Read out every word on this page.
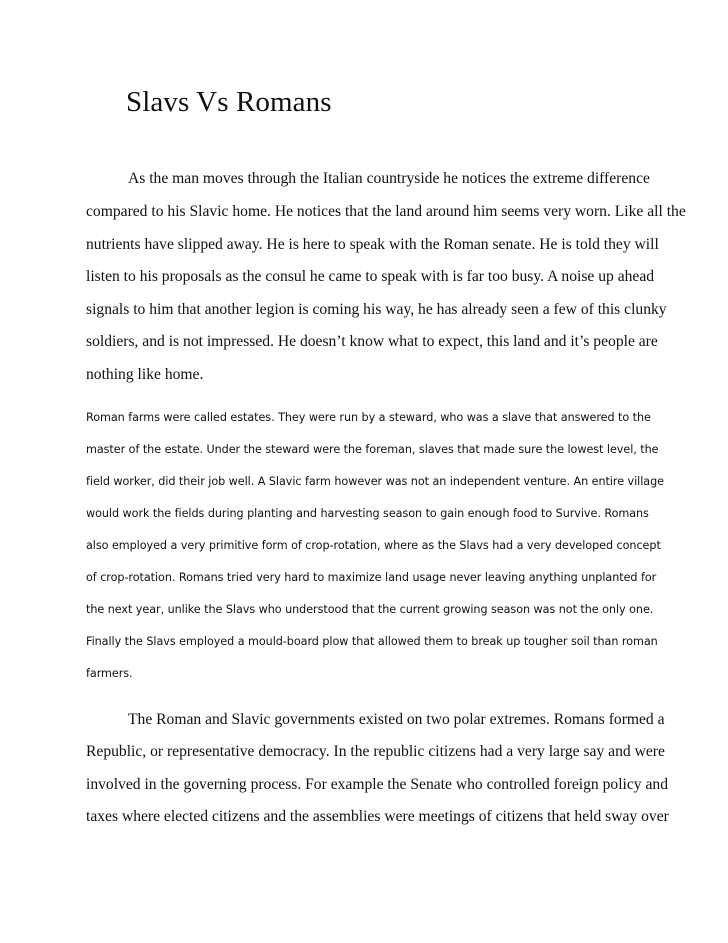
Slavs Vs Romans

As the man moves through the Italian countryside he notices the extreme difference

compared to his Slavic home. He notices that the land around him seems very worn. Like all the

nutrients have slipped away. He is here to speak with the Roman senate. He is told they will

listen to his proposals as the consul he came to speak with is far too busy. A noise up ahead

signals to him that another legion is coming his way, he has already seen a few of this clunky

soldiers, and is not impressed. He doesn’t know what to expect, this land and it’s people are

nothing like home.

Roman farms were called estates. They were run by a steward, who was a slave that answered to the

master of the estate. Under the steward were the foreman, slaves that made sure the lowest level, the

field worker, did their job well. A Slavic farm however was not an independent venture. An entire village

would work the fields during planting and harvesting season to gain enough food to Survive. Romans

also employed a very primitive form of crop-rotation, where as the Slavs had a very developed concept

of crop-rotation. Romans tried very hard to maximize land usage never leaving anything unplanted for

the next year, unlike the Slavs who understood that the current growing season was not the only one.

Finally the Slavs employed a mould-board plow that allowed them to break up tougher soil than roman

farmers.

The Roman and Slavic governments existed on two polar extremes. Romans formed a

Republic, or representative democracy. In the republic citizens had a very large say and were

involved in the governing process. For example the Senate who controlled foreign policy and

taxes where elected citizens and the assemblies were meetings of citizens that held sway over
